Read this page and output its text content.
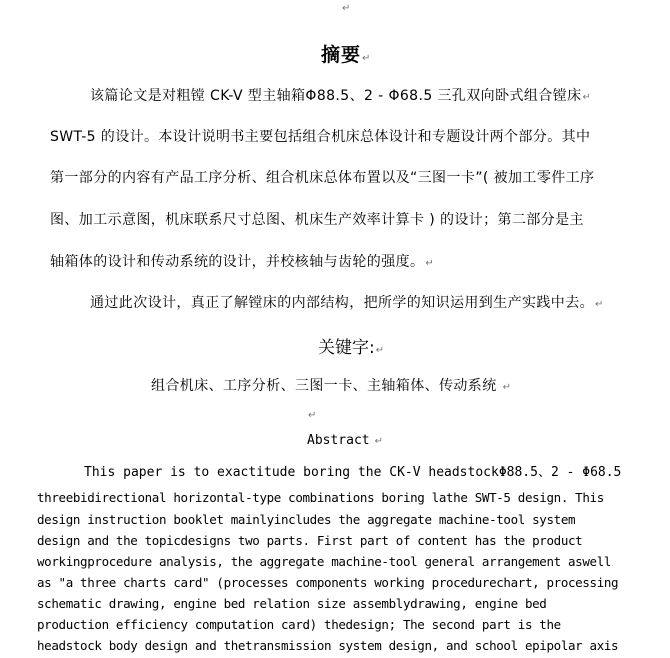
↵
摘要↵
该篇论文是对粗镗 CK-V 型主轴箱Φ88.5、2 - Φ68.5 三孔双向卧式组合镗床↵
SWT-5 的设计。本设计说明书主要包括组合机床总体设计和专题设计两个部分。其中
第一部分的内容有产品工序分析、组合机床总体布置以及“三图一卡”( 被加工零件工序
图、加工示意图，机床联系尺寸总图、机床生产效率计算卡 ) 的设计；第二部分是主
轴箱体的设计和传动系统的设计，并校核轴与齿轮的强度。↵
通过此次设计，真正了解镗床的内部结构，把所学的知识运用到生产实践中去。↵
关键字:↵
组合机床、工序分析、三图一卡、主轴箱体、传动系统 ↵
↵
Abstract ↵
This paper is to exactitude boring the CK-V headstockΦ88.5、2 - Φ68.5
threebidirectional horizontal-type combinations boring lathe SWT-5 design. This
design instruction booklet mainlyincludes the aggregate machine-tool system
design and the topicdesigns two parts. First part of content has the product
workingprocedure analysis, the aggregate machine-tool general arrangement aswell
as "a three charts card" (processes components working procedurechart, processing
schematic drawing, engine bed relation size assemblydrawing, engine bed
production efficiency computation card) thedesign; The second part is the
headstock body design and thetransmission system design, and school epipolar axis
